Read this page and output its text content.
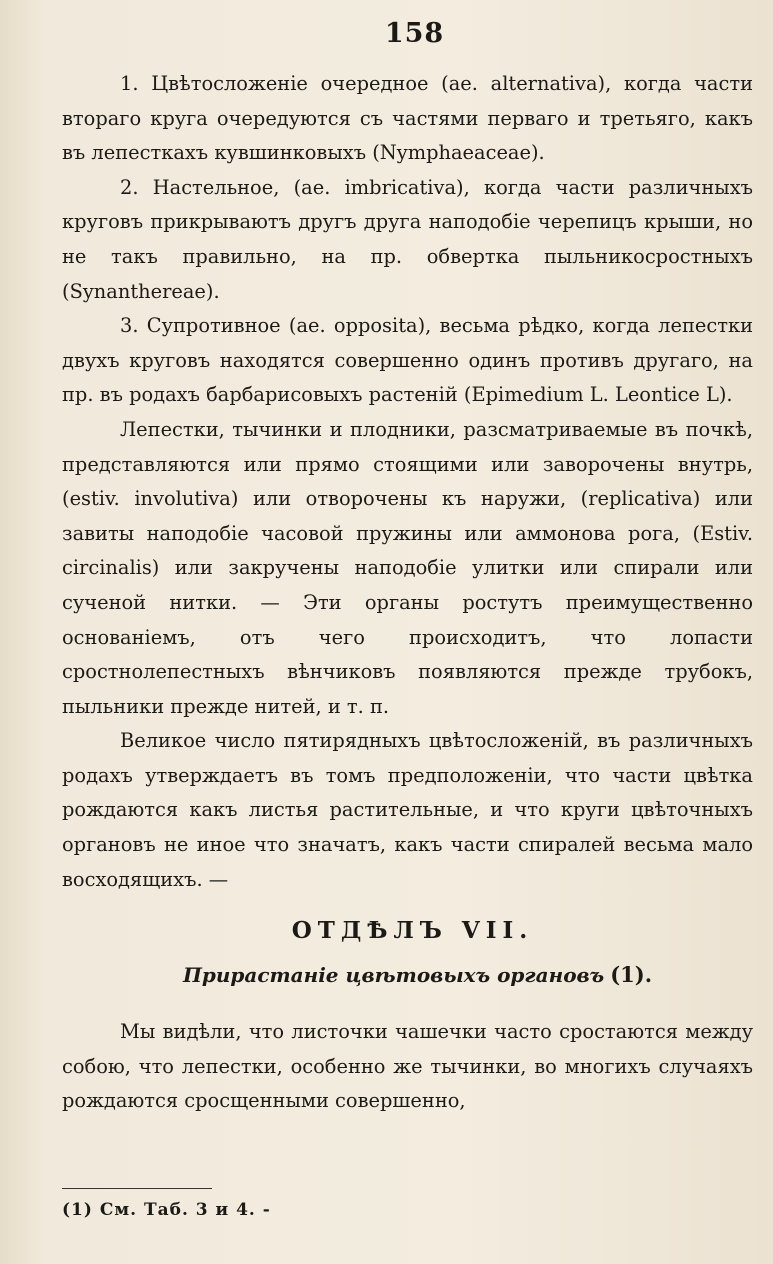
158

1. Цвѣтосложеніе очередное (ae. alternativa), когда части втораго круга очередуются съ частями перваго и третьяго, какъ въ лепесткахъ кувшинковыхъ (Nymphaeaceae).

2. Настельное, (ae. imbricativa), когда части различныхъ круговъ прикрываютъ другъ друга наподобіе черепицъ крыши, но не такъ правильно, на пр. обвертка пыльникосростныхъ (Synanthereae).

3. Супротивное (ae. opposita), весьма рѣдко, когда лепестки двухъ круговъ находятся совершенно одинъ противъ другаго, на пр. въ родахъ барбарисовыхъ растеній (Epimedium L. Leontice L).

Лепестки, тычинки и плодники, разсматриваемые въ почкѣ, представляются или прямо стоящими или заворочены внутрь, (estiv. involutiva) или отворочены къ наружи, (replicativa) или завиты наподобіе часовой пружины или аммонова рога, (Estiv. circinalis) или закручены наподобіе улитки или спирали или сученой нитки. — Эти органы ростутъ преимущественно основаніемъ, отъ чего происходитъ, что лопасти сростнолепестныхъ вѣнчиковъ появляются прежде трубокъ, пыльники прежде нитей, и т. п.

Великое число пятирядныхъ цвѣтосложеній, въ различныхъ родахъ утверждаетъ въ томъ предположеніи, что части цвѣтка рождаются какъ листья растительные, и что круги цвѣточныхъ органовъ не иное что значатъ, какъ части спиралей весьма мало восходящихъ. —

ОТДѢЛЪ VII.
Прирастаніе цвѣтовыхъ органовъ (1).

Мы видѣли, что листочки чашечки часто сростаются между собою, что лепестки, особенно же тычинки, во многихъ случаяхъ рождаются сросщенными совершенно,

(1) См. Таб. 3 и 4. -
